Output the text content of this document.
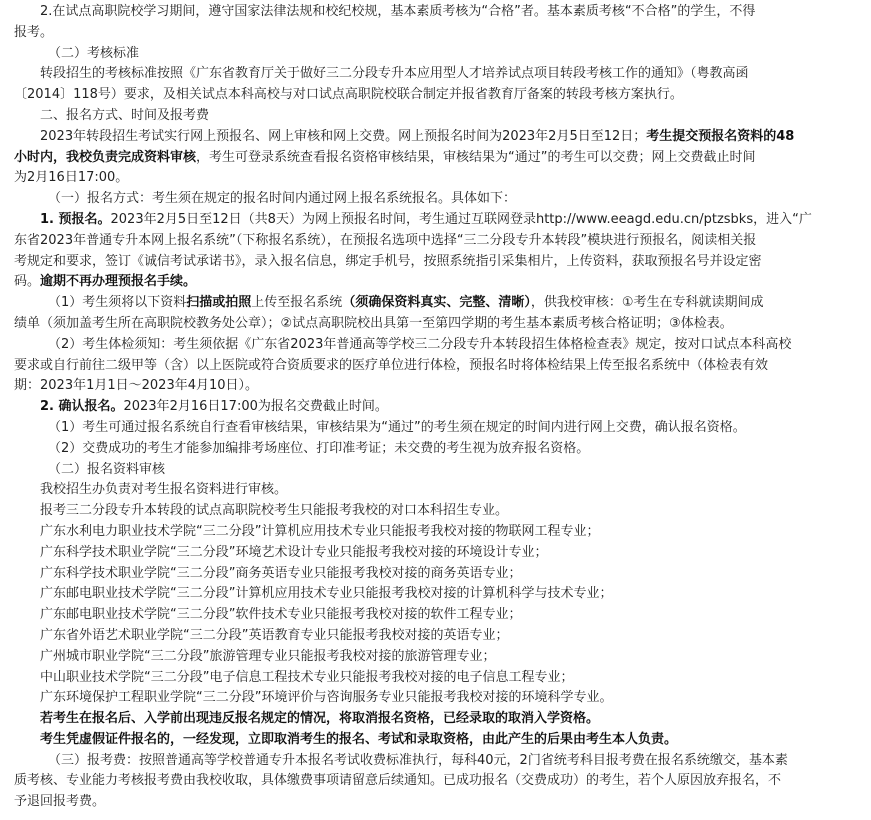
2.在试点高职院校学习期间，遵守国家法律法规和校纪校规，基本素质考核为“合格”者。基本素质考核“不合格”的学生，不得
报考。
（二）考核标准
转段招生的考核标准按照《广东省教育厅关于做好三二分段专升本应用型人才培养试点项目转段考核工作的通知》（粤教高函
〔2014〕118号）要求，及相关试点本科高校与对口试点高职院校联合制定并报省教育厅备案的转段考核方案执行。
二、报名方式、时间及报考费
2023年转段招生考试实行网上预报名、网上审核和网上交费。网上预报名时间为2023年2月5日至12日；考生提交预报名资料的48
小时内，我校负责完成资料审核，考生可登录系统查看报名资格审核结果，审核结果为“通过”的考生可以交费；网上交费截止时间
为2月16日17:00。
（一）报名方式：考生须在规定的报名时间内通过网上报名系统报名。具体如下：
1. 预报名。2023年2月5日至12日（共8天）为网上预报名时间，考生通过互联网登录http://www.eeagd.edu.cn/ptzsbks，进入“广
东省2023年普通专升本网上报名系统”（下称报名系统），在预报名选项中选择“三二分段专升本转段”模块进行预报名，阅读相关报
考规定和要求，签订《诚信考试承诺书》，录入报名信息，绑定手机号，按照系统指引采集相片，上传资料，获取预报名号并设定密
码。逾期不再办理预报名手续。
（1）考生须将以下资料扫描或拍照上传至报名系统（须确保资料真实、完整、清晰），供我校审核：①考生在专科就读期间成
绩单（须加盖考生所在高职院校教务处公章）；②试点高职院校出具第一至第四学期的考生基本素质考核合格证明；③体检表。
（2）考生体检须知：考生须依据《广东省2023年普通高等学校三二分段专升本转段招生体格检查表》规定，按对口试点本科高校
要求或自行前往二级甲等（含）以上医院或符合资质要求的医疗单位进行体检，预报名时将体检结果上传至报名系统中（体检表有效
期：2023年1月1日～2023年4月10日）。
2. 确认报名。2023年2月16日17:00为报名交费截止时间。
（1）考生可通过报名系统自行查看审核结果，审核结果为“通过”的考生须在规定的时间内进行网上交费，确认报名资格。
（2）交费成功的考生才能参加编排考场座位、打印准考证；未交费的考生视为放弃报名资格。
（二）报名资料审核
我校招生办负责对考生报名资料进行审核。
报考三二分段专升本转段的试点高职院校考生只能报考我校的对口本科招生专业。
广东水利电力职业技术学院“三二分段”计算机应用技术专业只能报考我校对接的物联网工程专业；
广东科学技术职业学院“三二分段”环境艺术设计专业只能报考我校对接的环境设计专业；
广东科学技术职业学院“三二分段”商务英语专业只能报考我校对接的商务英语专业；
广东邮电职业技术学院“三二分段”计算机应用技术专业只能报考我校对接的计算机科学与技术专业；
广东邮电职业技术学院“三二分段”软件技术专业只能报考我校对接的软件工程专业；
广东省外语艺术职业学院“三二分段”英语教育专业只能报考我校对接的英语专业；
广州城市职业学院“三二分段”旅游管理专业只能报考我校对接的旅游管理专业；
中山职业技术学院“三二分段”电子信息工程技术专业只能报考我校对接的电子信息工程专业；
广东环境保护工程职业学院“三二分段”环境评价与咨询服务专业只能报考我校对接的环境科学专业。
若考生在报名后、入学前出现违反报名规定的情况，将取消报名资格，已经录取的取消入学资格。
考生凭虚假证件报名的，一经发现，立即取消考生的报名、考试和录取资格，由此产生的后果由考生本人负责。
（三）报考费：按照普通高等学校普通专升本报名考试收费标准执行，每科40元，2门省统考科目报考费在报名系统缴交，基本素
质考核、专业能力考核报考费由我校收取，具体缴费事项请留意后续通知。已成功报名（交费成功）的考生，若个人原因放弃报名，不
予退回报考费。
